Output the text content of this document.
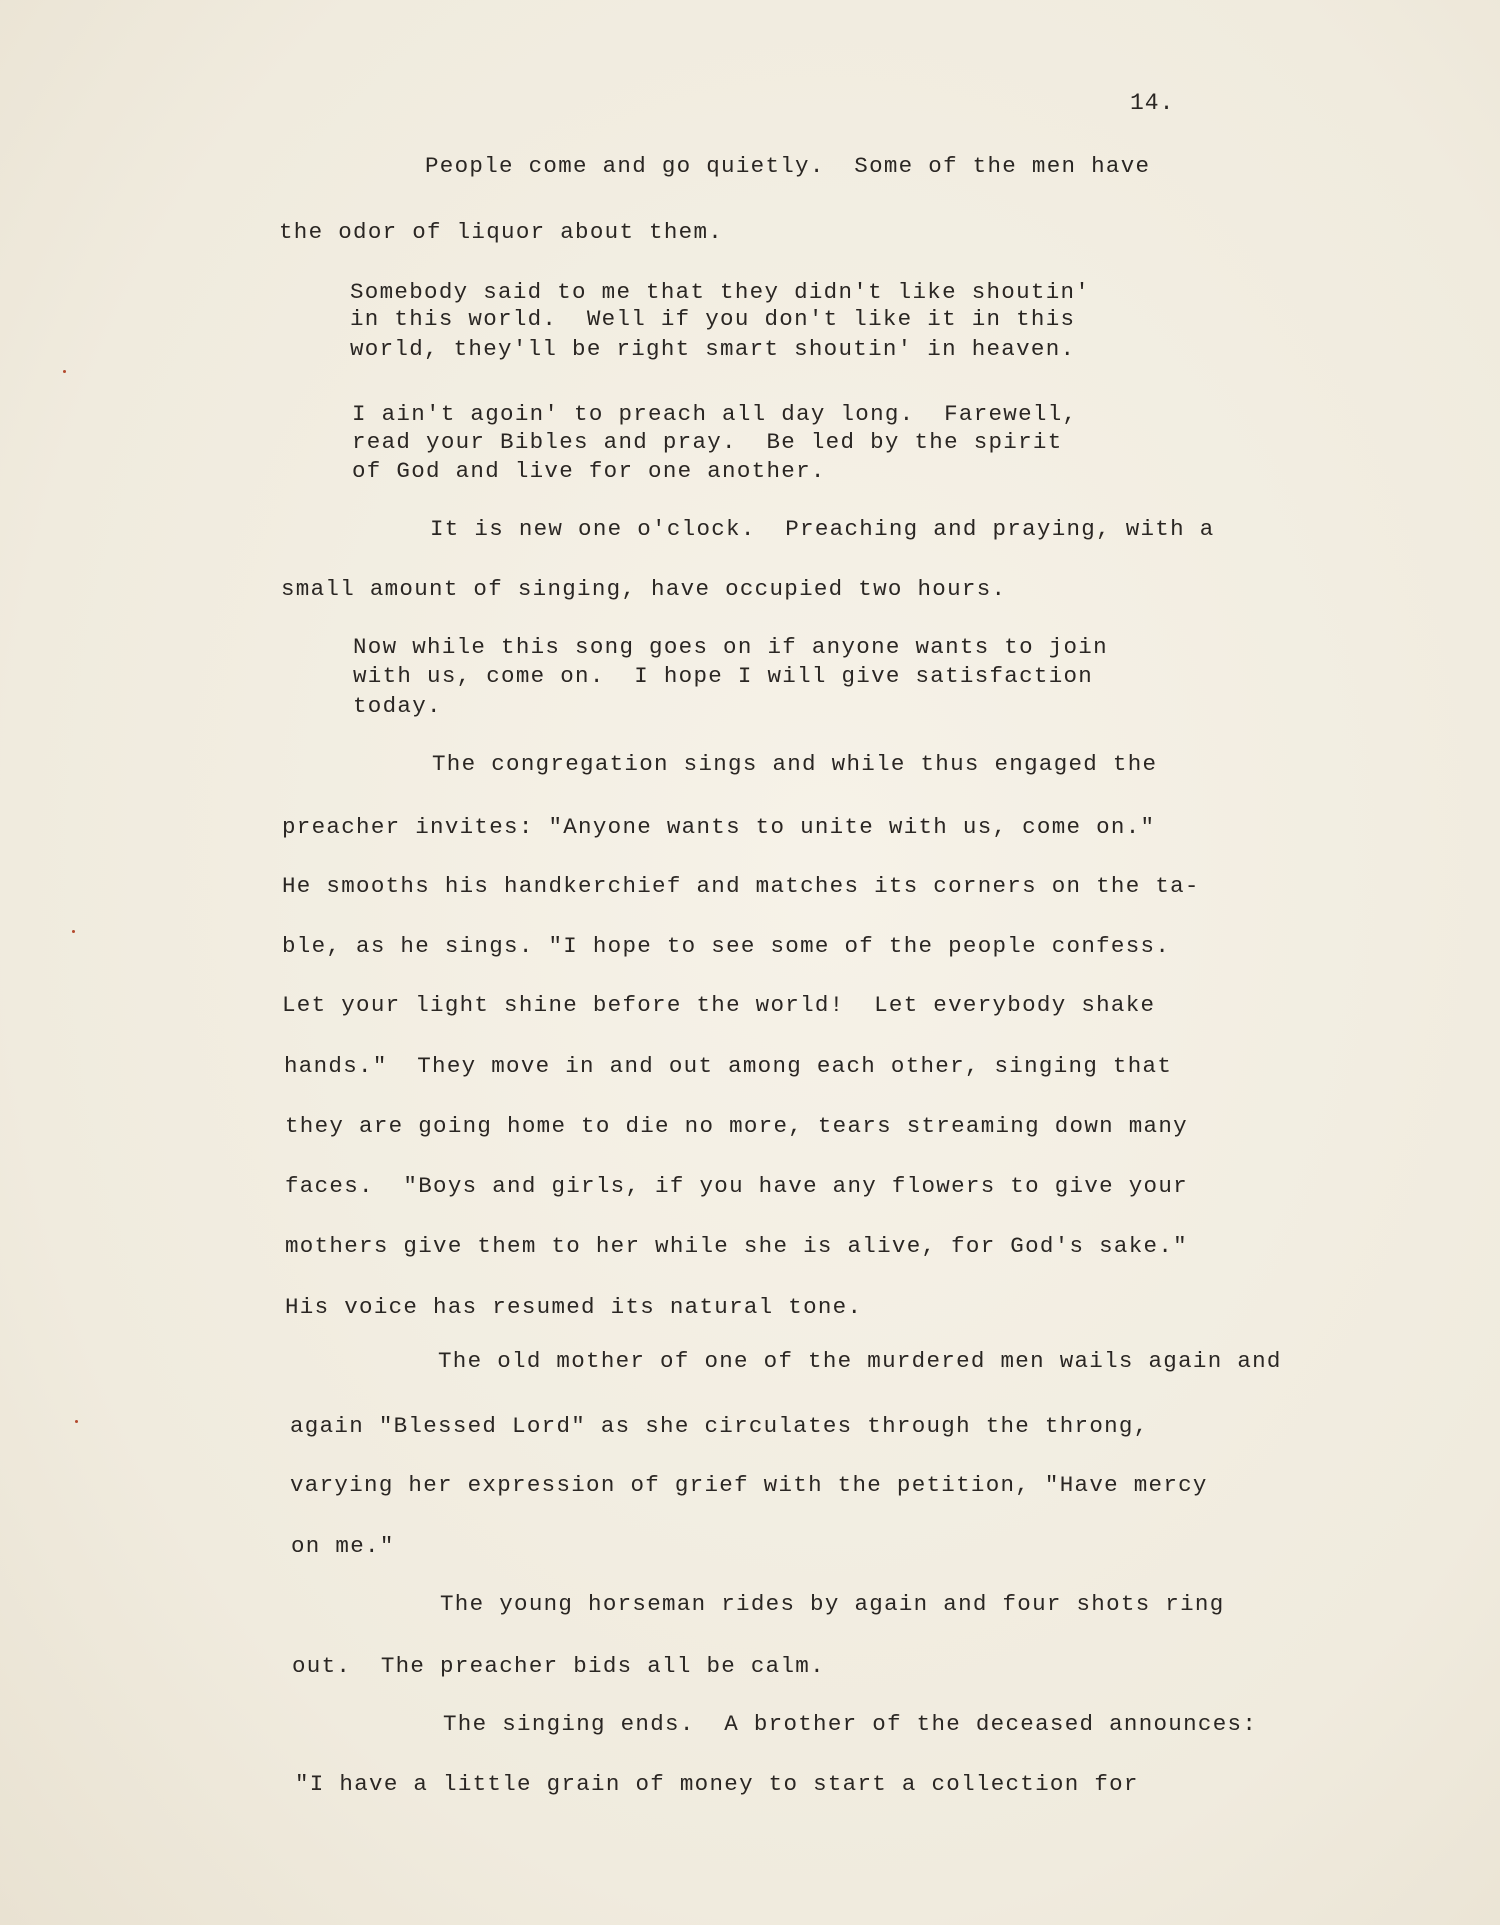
14.
People come and go quietly.  Some of the men have
the odor of liquor about them.
Somebody said to me that they didn't like shoutin'
in this world.  Well if you don't like it in this
world, they'll be right smart shoutin' in heaven.
I ain't agoin' to preach all day long.  Farewell,
read your Bibles and pray.  Be led by the spirit
of God and live for one another.
It is new one o'clock.  Preaching and praying, with a
small amount of singing, have occupied two hours.
Now while this song goes on if anyone wants to join
with us, come on.  I hope I will give satisfaction
today.
The congregation sings and while thus engaged the
preacher invites: "Anyone wants to unite with us, come on."
He smooths his handkerchief and matches its corners on the ta-
ble, as he sings. "I hope to see some of the people confess.
Let your light shine before the world!  Let everybody shake
hands."  They move in and out among each other, singing that
they are going home to die no more, tears streaming down many
faces.  "Boys and girls, if you have any flowers to give your
mothers give them to her while she is alive, for God's sake."
His voice has resumed its natural tone.
The old mother of one of the murdered men wails again and
again "Blessed Lord" as she circulates through the throng,
varying her expression of grief with the petition, "Have mercy
on me."
The young horseman rides by again and four shots ring
out.  The preacher bids all be calm.
The singing ends.  A brother of the deceased announces:
"I have a little grain of money to start a collection for
